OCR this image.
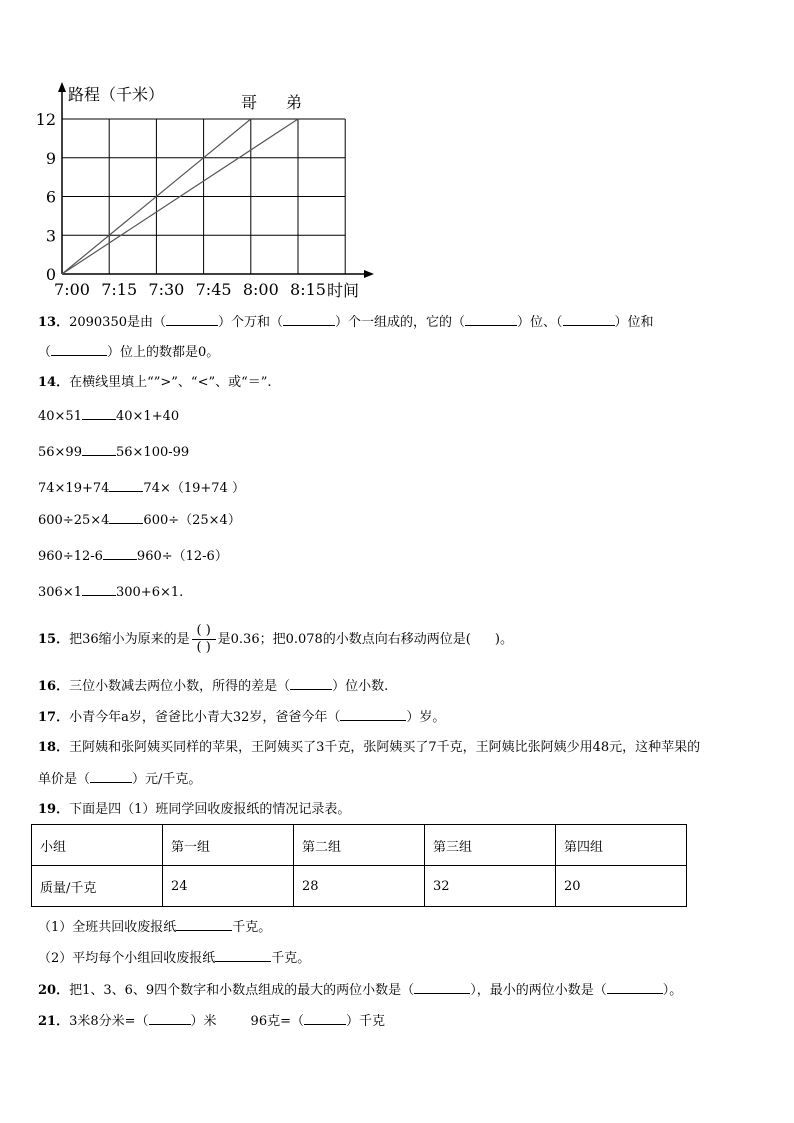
7:00 7:15 7:30 7:45 8:00 8:15
0
3
6
9
12
路程（千米）
时间
哥 弟
13．2090350是由（	）个万和（	）个一组成的，它的（	）位、（	）位和
（	）位上的数都是0。
14．在横线里填上“”>”、“<”、或“＝”.
40×51	40×1+40
56×99	56×100-99
74×19+74	74×（19+74 ）
600÷25×4	600÷（25×4）
960÷12-6	960÷（12-6）
306×1	300+6×1.
15．把36缩小为原来的是 $\frac{( )}{( )}$ 是0.36；把0.078的小数点向右移动两位是( )。
16．三位小数减去两位小数，所得的差是（	）位小数.
17．小青今年a岁，爸爸比小青大32岁，爸爸今年（	）岁。
18．王阿姨和张阿姨买同样的苹果，王阿姨买了3千克，张阿姨买了7千克，王阿姨比张阿姨少用48元，这种苹果的
单价是（	）元/千克。
19．下面是四（1）班同学回收废报纸的情况记录表。
小组	第一组	第二组	第三组	第四组
质量/千克	24	28	32	20
（1）全班共回收废报纸	千克。
（2）平均每个小组回收废报纸	千克。
20．把1、3、6、9四个数字和小数点组成的最大的两位小数是（	），最小的两位小数是（	）。
21．3米8分米=（	）米	96克=（	）千克
